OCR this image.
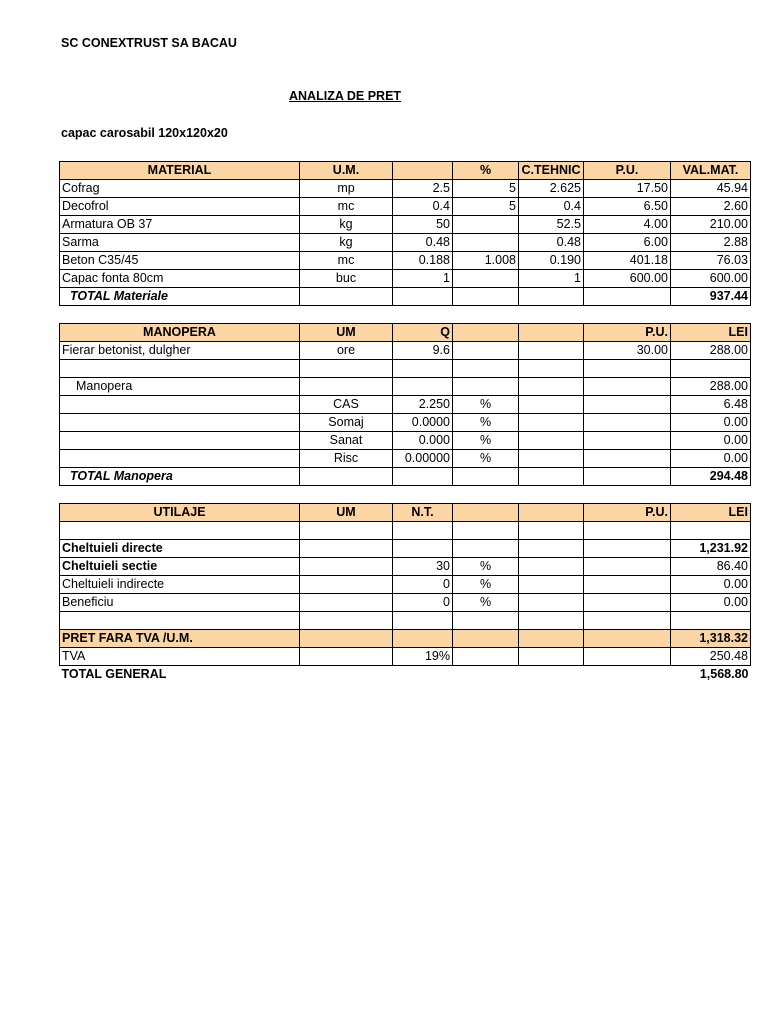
SC CONEXTRUST SA BACAU
ANALIZA DE PRET
capac carosabil 120x120x20
MATERIAL	U.M.		%	C.TEHNIC	P.U.	VAL.MAT.
Cofrag	mp	2.5	5	2.625	17.50	45.94
Decofrol	mc	0.4	5	0.4	6.50	2.60
Armatura OB 37	kg	50		52.5	4.00	210.00
Sarma	kg	0.48		0.48	6.00	2.88
Beton C35/45	mc	0.188	1.008	0.190	401.18	76.03
Capac fonta 80cm	buc	1		1	600.00	600.00
TOTAL Materiale						937.44

MANOPERA	UM	Q			P.U.	LEI
Fierar betonist, dulgher	ore	9.6			30.00	288.00

Manopera						288.00
	CAS	2.250	%			6.48
	Somaj	0.0000	%			0.00
	Sanat	0.000	%			0.00
	Risc	0.00000	%			0.00
TOTAL Manopera						294.48

UTILAJE	UM	N.T.			P.U.	LEI

Cheltuieli directe						1,231.92
Cheltuieli sectie		30	%			86.40
Cheltuieli indirecte		0	%			0.00
Beneficiu		0	%			0.00

PRET FARA TVA /U.M.						1,318.32
TVA		19%				250.48
TOTAL GENERAL						1,568.80
